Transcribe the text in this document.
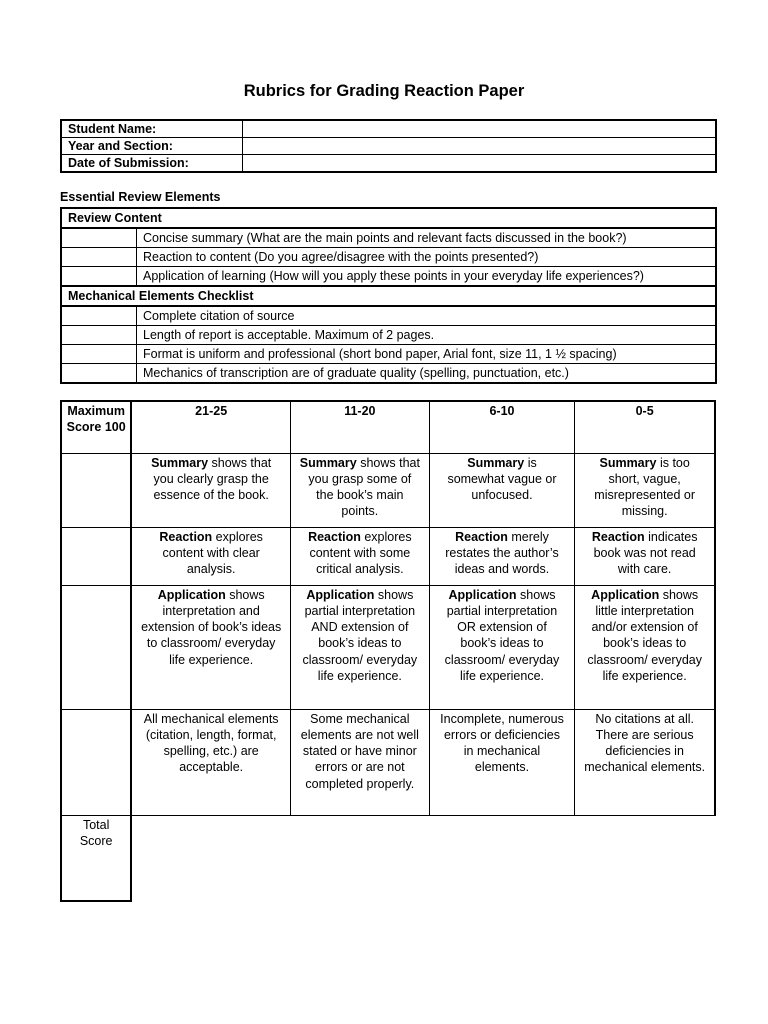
Rubrics for Grading Reaction Paper
Student Name:	
Year and Section:	
Date of Submission:	
Essential Review Elements
Review Content	
	Concise summary (What are the main points and relevant facts discussed in the book?)
	Reaction to content (Do you agree/disagree with the points presented?)
	Application of learning (How will you apply these points in your everyday life experiences?)
Mechanical Elements Checklist	
	Complete citation of source
	Length of report is acceptable. Maximum of 2 pages.
	Format is uniform and professional (short bond paper, Arial font, size 11, 1 ½ spacing)
	Mechanics of transcription are of graduate quality (spelling, punctuation, etc.)
Maximum Score 100	21-25	11-20	6-10	0-5
	Summary shows that you clearly grasp the essence of the book.	Summary shows that you grasp some of the book’s main points.	Summary is somewhat vague or unfocused.	Summary is too short, vague, misrepresented or missing.
	Reaction explores content with clear analysis.	Reaction explores content with some critical analysis.	Reaction merely restates the author’s ideas and words.	Reaction indicates book was not read with care.
	Application shows interpretation and extension of book’s ideas to classroom/ everyday life experience.	Application shows partial interpretation AND extension of book’s ideas to classroom/ everyday life experience.	Application shows partial interpretation OR extension of book’s ideas to classroom/ everyday life experience.	Application shows little interpretation and/or extension of book’s ideas to classroom/ everyday life experience.
	All mechanical elements (citation, length, format, spelling, etc.) are acceptable.	Some mechanical elements are not well stated or have minor errors or are not completed properly.	Incomplete, numerous errors or deficiencies in mechanical elements.	No citations at all. There are serious deficiencies in mechanical elements.
Total Score				
